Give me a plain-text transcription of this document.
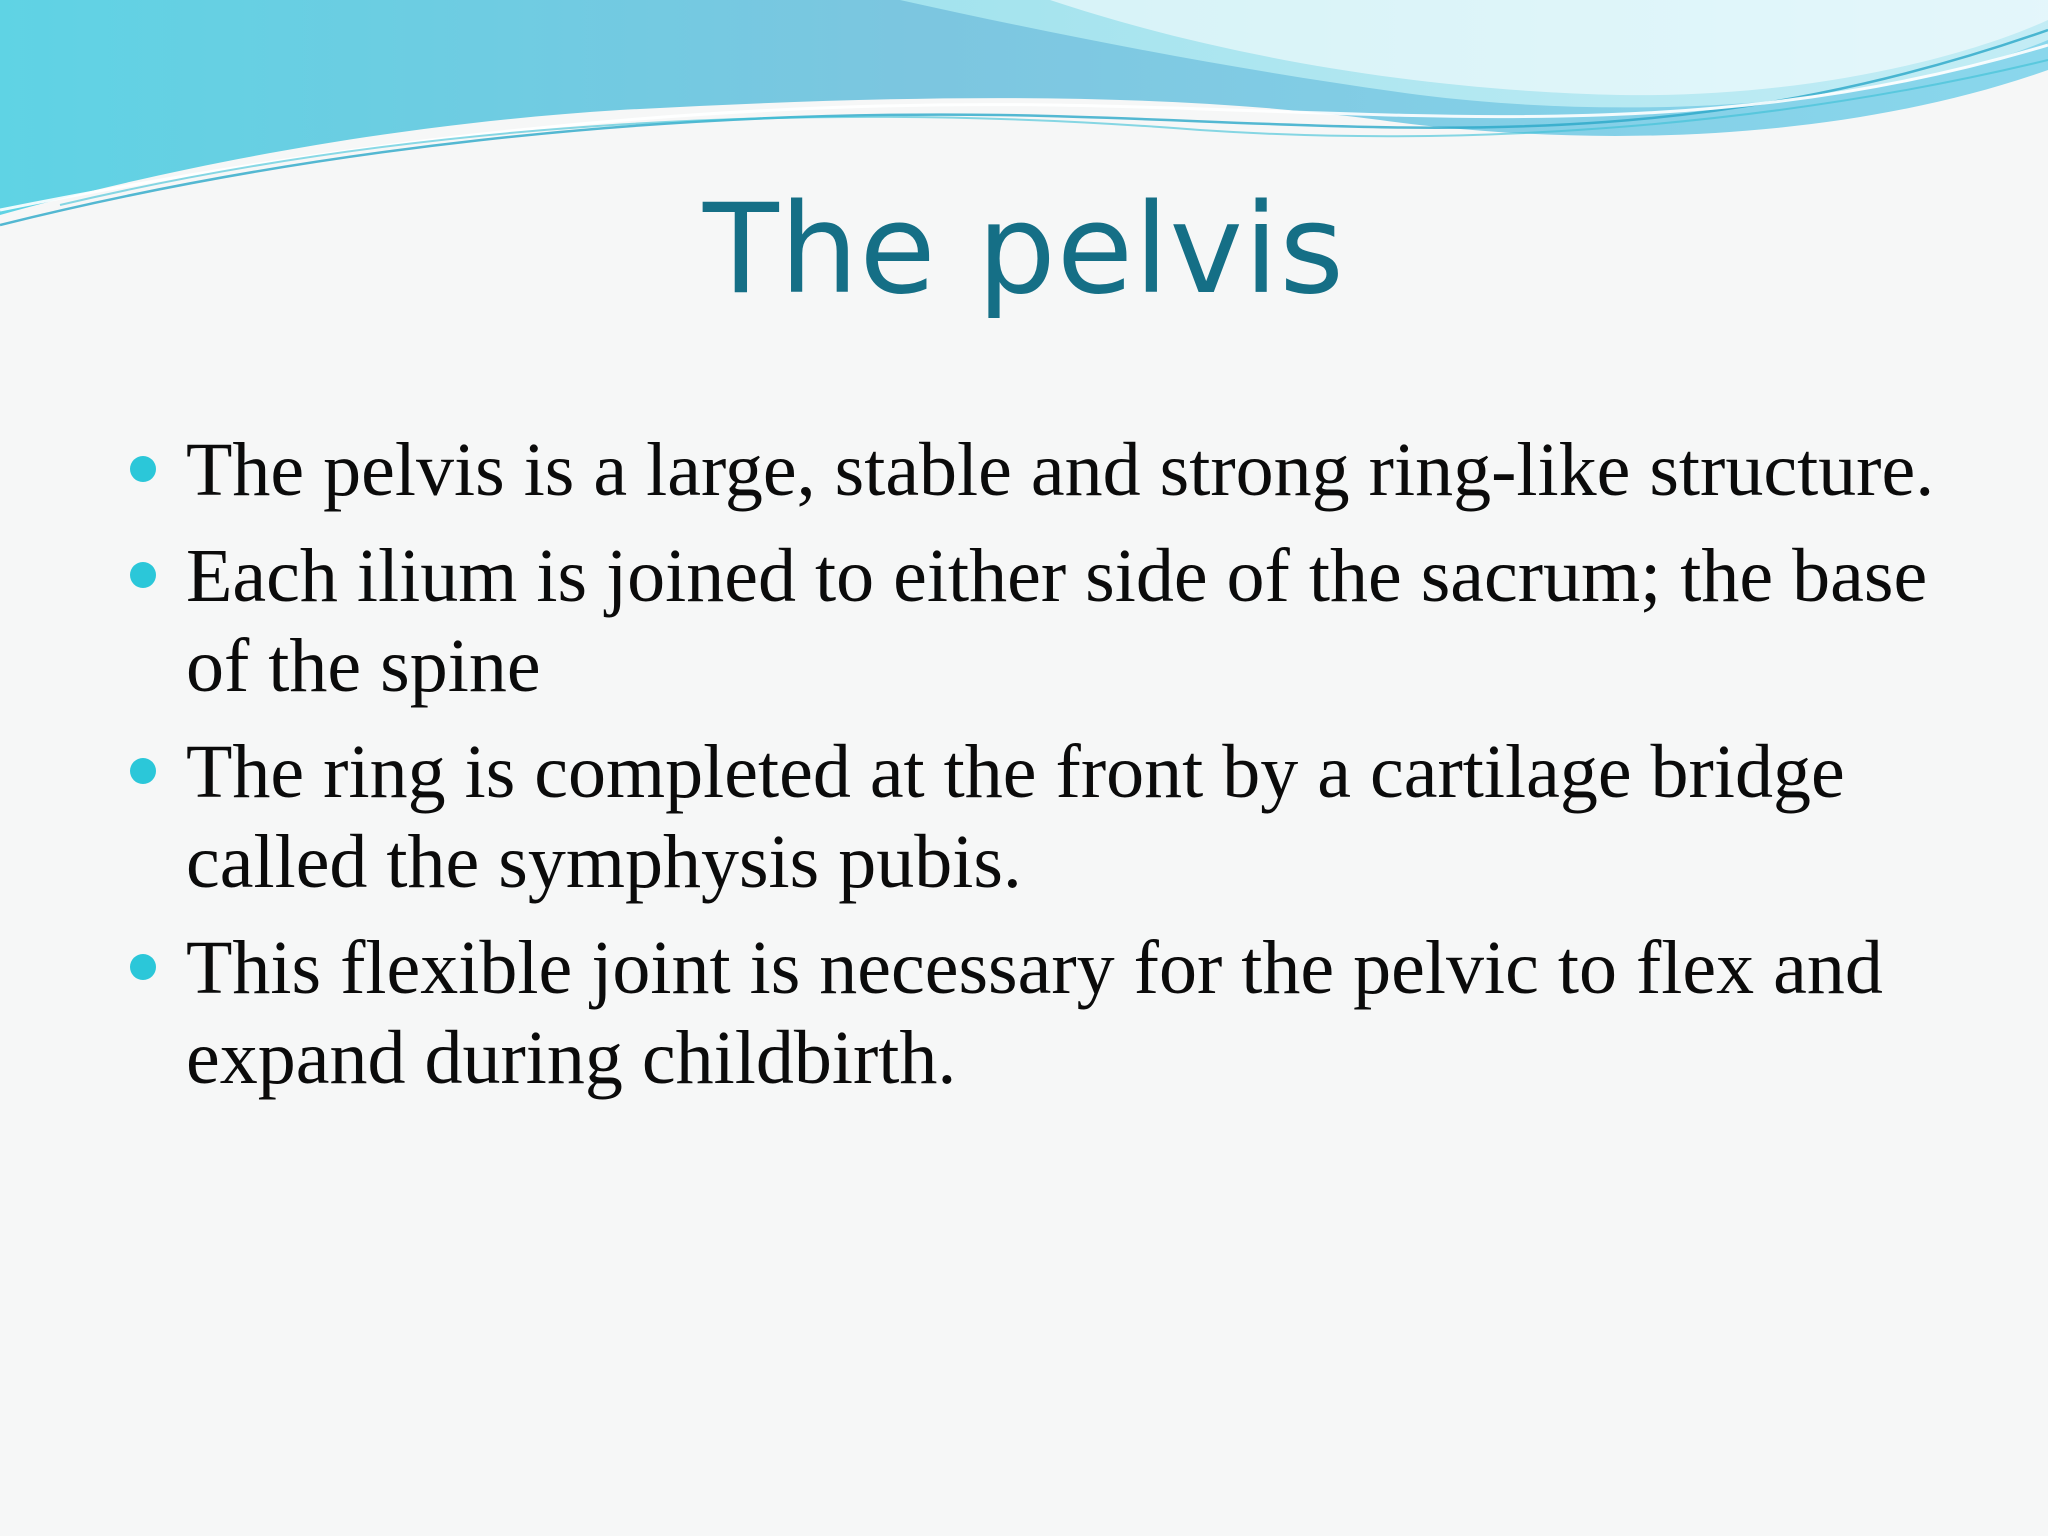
The pelvis
The pelvis is a large, stable and strong ring-like structure.
Each ilium is joined to either side of the sacrum; the base of the spine
The ring is completed at the front by a cartilage bridge called the symphysis pubis.
This flexible joint is necessary for the pelvic to flex and expand during childbirth.
